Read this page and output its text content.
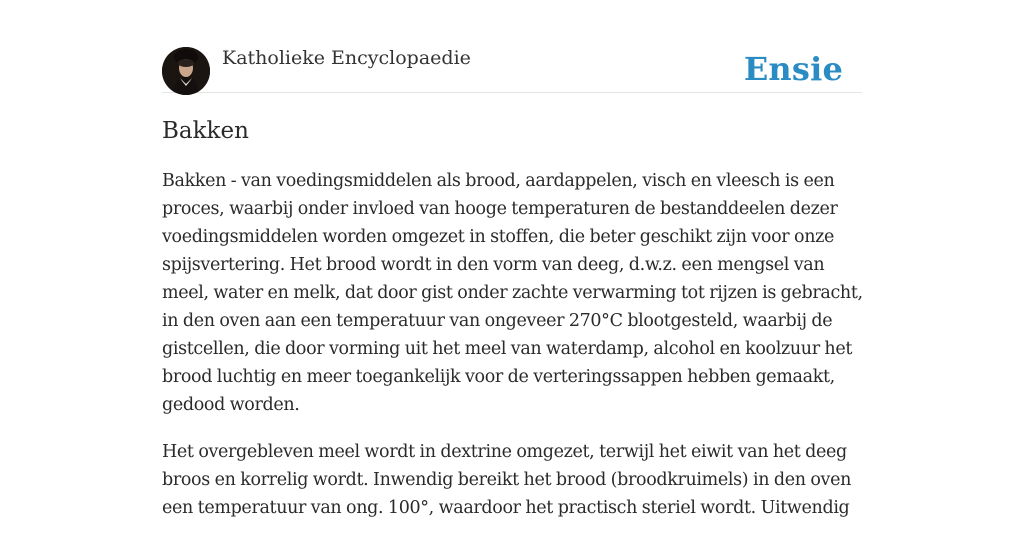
Katholieke Encyclopaedie	Ensie
Bakken

Bakken - van voedingsmiddelen als brood, aardappelen, visch en vleesch is een proces, waarbij onder invloed van hooge temperaturen de bestanddeelen dezer voedingsmiddelen worden omgezet in stoffen, die beter geschikt zijn voor onze spijsvertering. Het brood wordt in den vorm van deeg, d.w.z. een mengsel van meel, water en melk, dat door gist onder zachte verwarming tot rijzen is gebracht, in den oven aan een temperatuur van ongeveer 270°C blootgesteld, waarbij de gistcellen, die door vorming uit het meel van waterdamp, alcohol en koolzuur het brood luchtig en meer toegankelijk voor de verteringssappen hebben gemaakt, gedood worden.

Het overgebleven meel wordt in dextrine omgezet, terwijl het eiwit van het deeg broos en korrelig wordt. Inwendig bereikt het brood (broodkruimels) in den oven een temperatuur van ong. 100°, waardoor het practisch steriel wordt. Uitwendig
